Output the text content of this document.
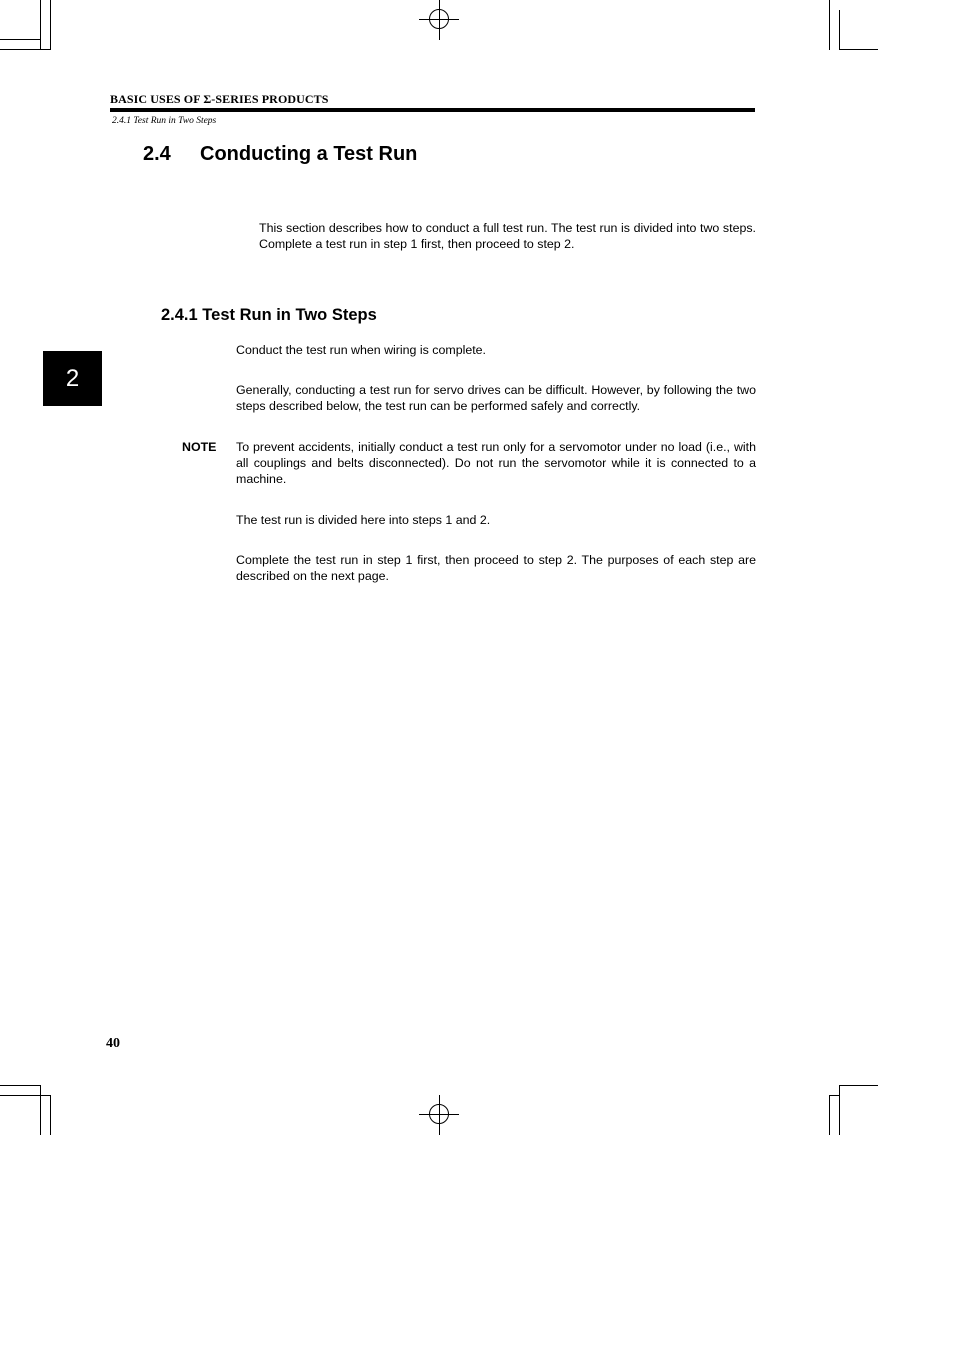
BASIC USES OF Σ-SERIES PRODUCTS
2.4.1 Test Run in Two Steps
2.4 Conducting a Test Run
This section describes how to conduct a full test run. The test run is divided into two steps. Complete a test run in step 1 first, then proceed to step 2.
2.4.1 Test Run in Two Steps
2
Conduct the test run when wiring is complete.
Generally, conducting a test run for servo drives can be difficult. However, by following the two steps described below, the test run can be performed safely and correctly.
NOTE To prevent accidents, initially conduct a test run only for a servomotor under no load (i.e., with all couplings and belts disconnected). Do not run the servomotor while it is connected to a machine.
The test run is divided here into steps 1 and 2.
Complete the test run in step 1 first, then proceed to step 2. The purposes of each step are described on the next page.
40
